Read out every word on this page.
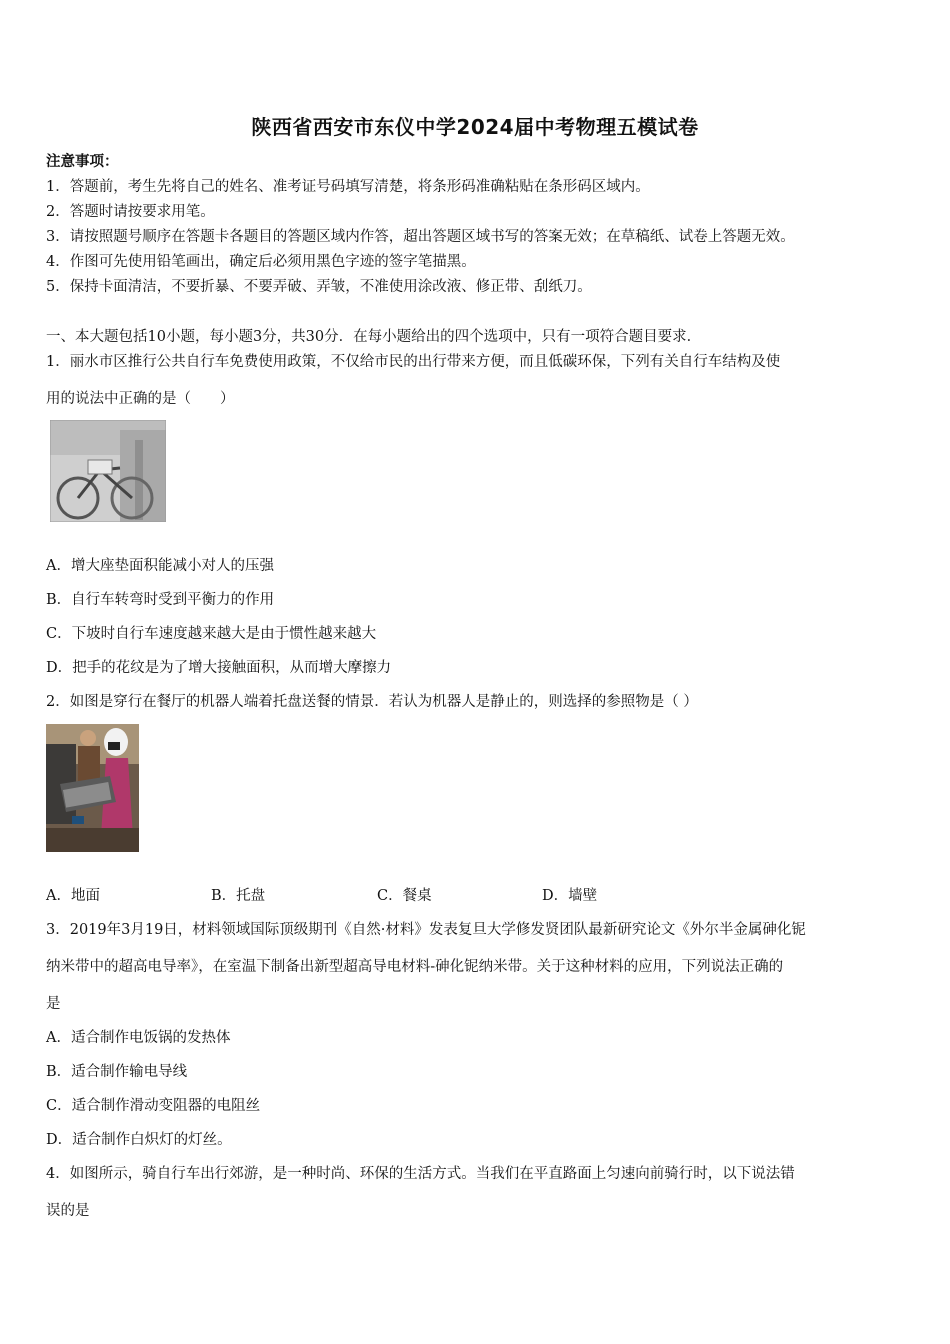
陕西省西安市东仪中学2024届中考物理五模试卷
注意事项：
1．答题前，考生先将自己的姓名、准考证号码填写清楚，将条形码准确粘贴在条形码区域内。
2．答题时请按要求用笔。
3．请按照题号顺序在答题卡各题目的答题区域内作答，超出答题区域书写的答案无效；在草稿纸、试卷上答题无效。
4．作图可先使用铅笔画出，确定后必须用黑色字迹的签字笔描黑。
5．保持卡面清洁，不要折暴、不要弄破、弄皱，不准使用涂改液、修正带、刮纸刀。
一、本大题包括10小题，每小题3分，共30分．在每小题给出的四个选项中，只有一项符合题目要求．
1．丽水市区推行公共自行车免费使用政策，不仅给市民的出行带来方便，而且低碳环保，下列有关自行车结构及使
用的说法中正确的是（　　）
A．增大座垫面积能减小对人的压强
B．自行车转弯时受到平衡力的作用
C．下坡时自行车速度越来越大是由于惯性越来越大
D．把手的花纹是为了增大接触面积，从而增大摩擦力
2．如图是穿行在餐厅的机器人端着托盘送餐的情景．若认为机器人是静止的，则选择的参照物是（ ）
A．地面	B．托盘	C．餐桌	D．墙壁
3．2019年3月19日，材料领域国际顶级期刊《自然·材料》发表复旦大学修发贤团队最新研究论文《外尔半金属砷化铌
纳米带中的超高电导率》，在室温下制备出新型超高导电材料-砷化铌纳米带。关于这种材料的应用，下列说法正确的
是
A．适合制作电饭锅的发热体
B．适合制作输电导线
C．适合制作滑动变阻器的电阻丝
D．适合制作白炽灯的灯丝。
4．如图所示，骑自行车出行郊游，是一种时尚、环保的生活方式。当我们在平直路面上匀速向前骑行时，以下说法错
误的是
